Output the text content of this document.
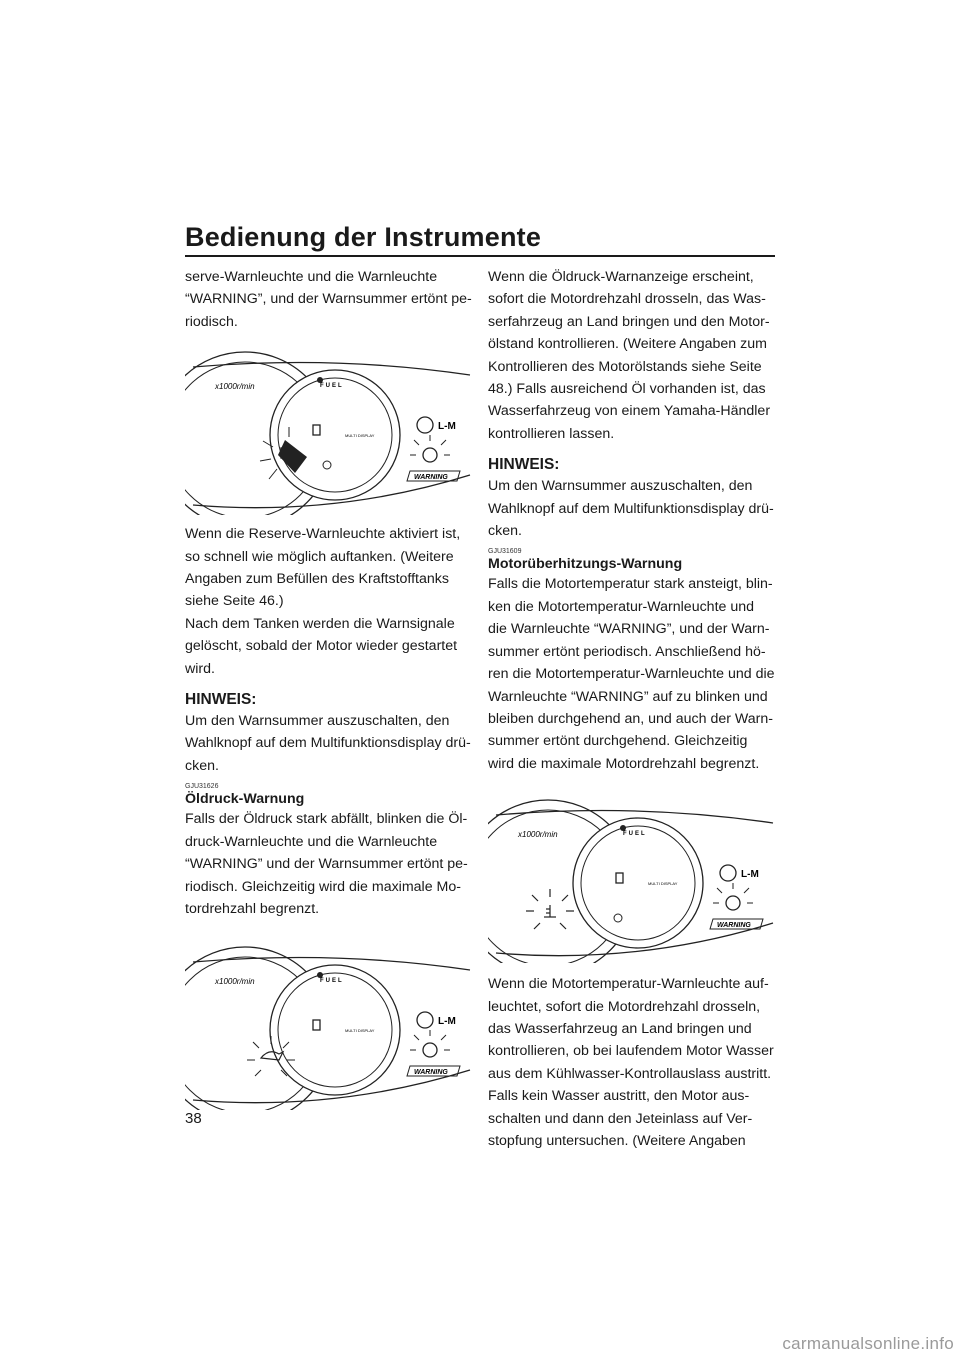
Bedienung der Instrumente

serve-Warnleuchte und die Warnleuchte
“WARNING”, und der Warnsummer ertönt pe-
riodisch.

x1000r/min	FUEL
MULTI DISPLAY
L-M
WARNING

Wenn die Reserve-Warnleuchte aktiviert ist,
so schnell wie möglich auftanken. (Weitere
Angaben zum Befüllen des Kraftstofftanks
siehe Seite 46.)
Nach dem Tanken werden die Warnsignale
gelöscht, sobald der Motor wieder gestartet
wird.

HINWEIS:

Um den Warnsummer auszuschalten, den
Wahlknopf auf dem Multifunktionsdisplay drü-
cken.

GJU31626

Öldruck-Warnung

Falls der Öldruck stark abfällt, blinken die Öl-
druck-Warnleuchte und die Warnleuchte
“WARNING” und der Warnsummer ertönt pe-
riodisch. Gleichzeitig wird die maximale Mo-
tordrehzahl begrenzt.

x1000r/min	FUEL
MULTI DISPLAY
L-M
WARNING

Wenn die Öldruck-Warnanzeige erscheint,
sofort die Motordrehzahl drosseln, das Was-
serfahrzeug an Land bringen und den Motor-
ölstand kontrollieren. (Weitere Angaben zum
Kontrollieren des Motorölstands siehe Seite
48.) Falls ausreichend Öl vorhanden ist, das
Wasserfahrzeug von einem Yamaha-Händler
kontrollieren lassen.

HINWEIS:

Um den Warnsummer auszuschalten, den
Wahlknopf auf dem Multifunktionsdisplay drü-
cken.

GJU31609

Motorüberhitzungs-Warnung

Falls die Motortemperatur stark ansteigt, blin-
ken die Motortemperatur-Warnleuchte und
die Warnleuchte “WARNING”, und der Warn-
summer ertönt periodisch. Anschließend hö-
ren die Motortemperatur-Warnleuchte und die
Warnleuchte “WARNING” auf zu blinken und
bleiben durchgehend an, und auch der Warn-
summer ertönt durchgehend. Gleichzeitig
wird die maximale Motordrehzahl begrenzt.

x1000r/min	FUEL
MULTI DISPLAY
L-M
WARNING

Wenn die Motortemperatur-Warnleuchte auf-
leuchtet, sofort die Motordrehzahl drosseln,
das Wasserfahrzeug an Land bringen und
kontrollieren, ob bei laufendem Motor Wasser
aus dem Kühlwasser-Kontrollauslass austritt.
Falls kein Wasser austritt, den Motor aus-
schalten und dann den Jeteinlass auf Ver-
stopfung untersuchen. (Weitere Angaben

38
carmanualsonline.info
